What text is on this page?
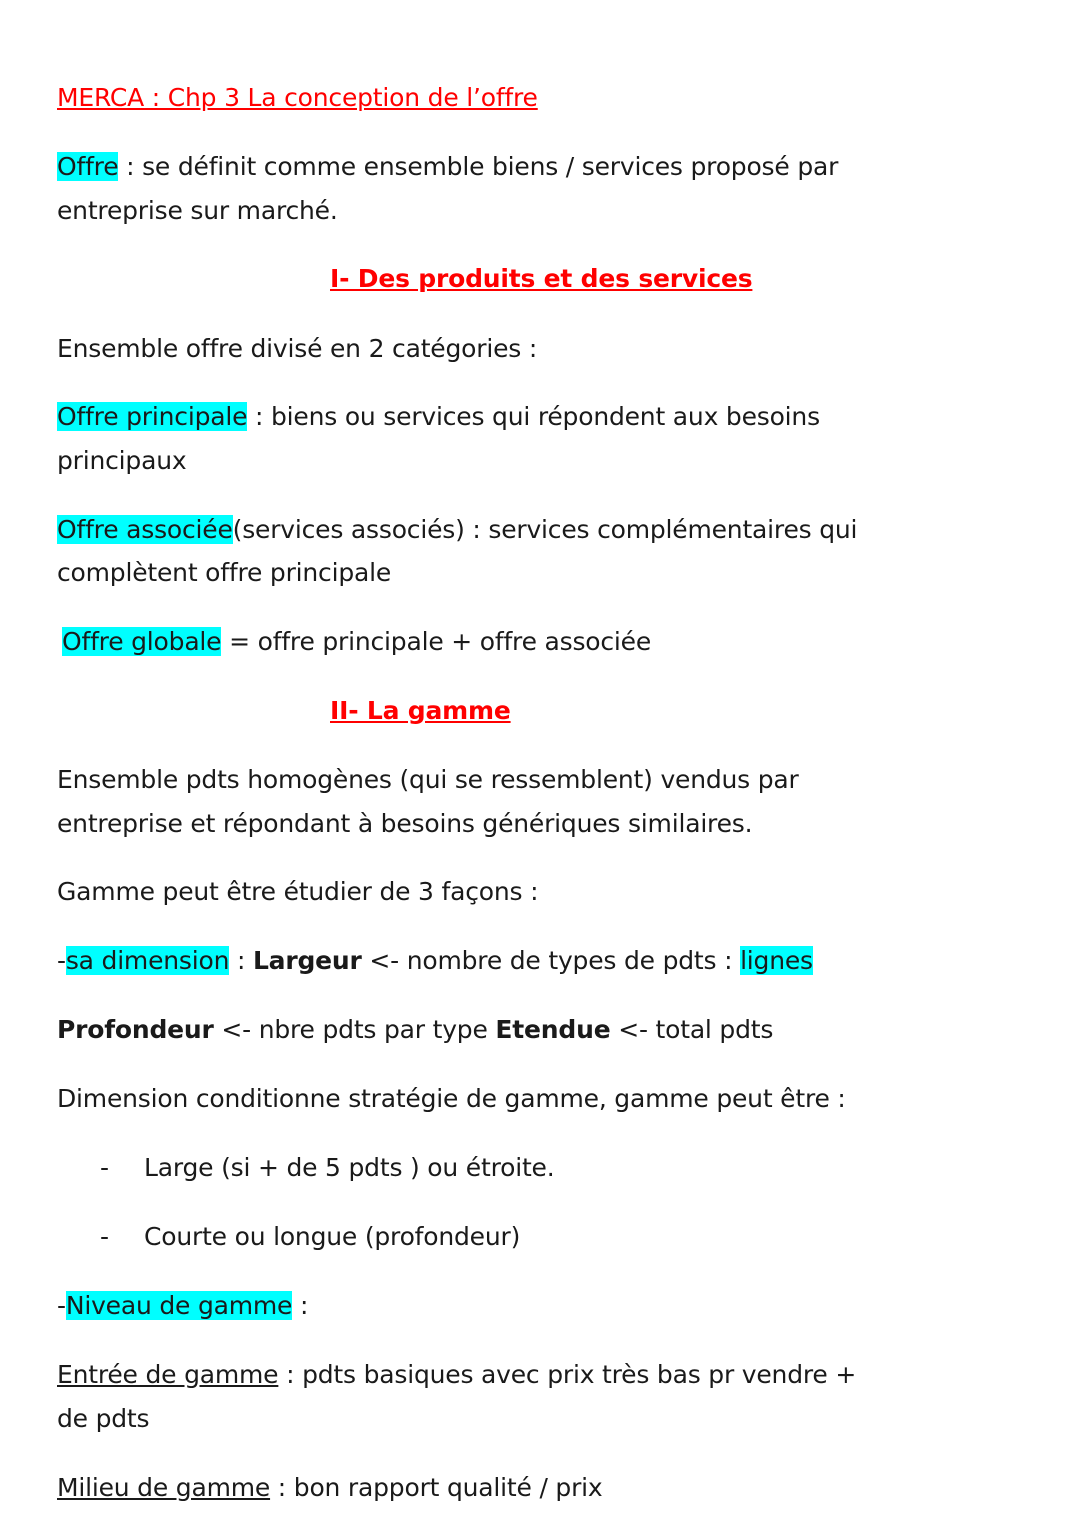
MERCA : Chp 3 La conception de l’offre
Offre : se définit comme ensemble biens / services proposé par
entreprise sur marché.
I- Des produits et des services
Ensemble offre divisé en 2 catégories :
Offre principale : biens ou services qui répondent aux besoins
principaux
Offre associée(services associés) : services complémentaires qui
complètent offre principale
Offre globale = offre principale + offre associée
II- La gamme
Ensemble pdts homogènes (qui se ressemblent) vendus par
entreprise et répondant à besoins génériques similaires.
Gamme peut être étudier de 3 façons :
-sa dimension : Largeur <- nombre de types de pdts : lignes
Profondeur <- nbre pdts par type Etendue <- total pdts
Dimension conditionne stratégie de gamme, gamme peut être :
- Large (si + de 5 pdts ) ou étroite.
- Courte ou longue (profondeur)
-Niveau de gamme :
Entrée de gamme : pdts basiques avec prix très bas pr vendre +
de pdts
Milieu de gamme : bon rapport qualité / prix
